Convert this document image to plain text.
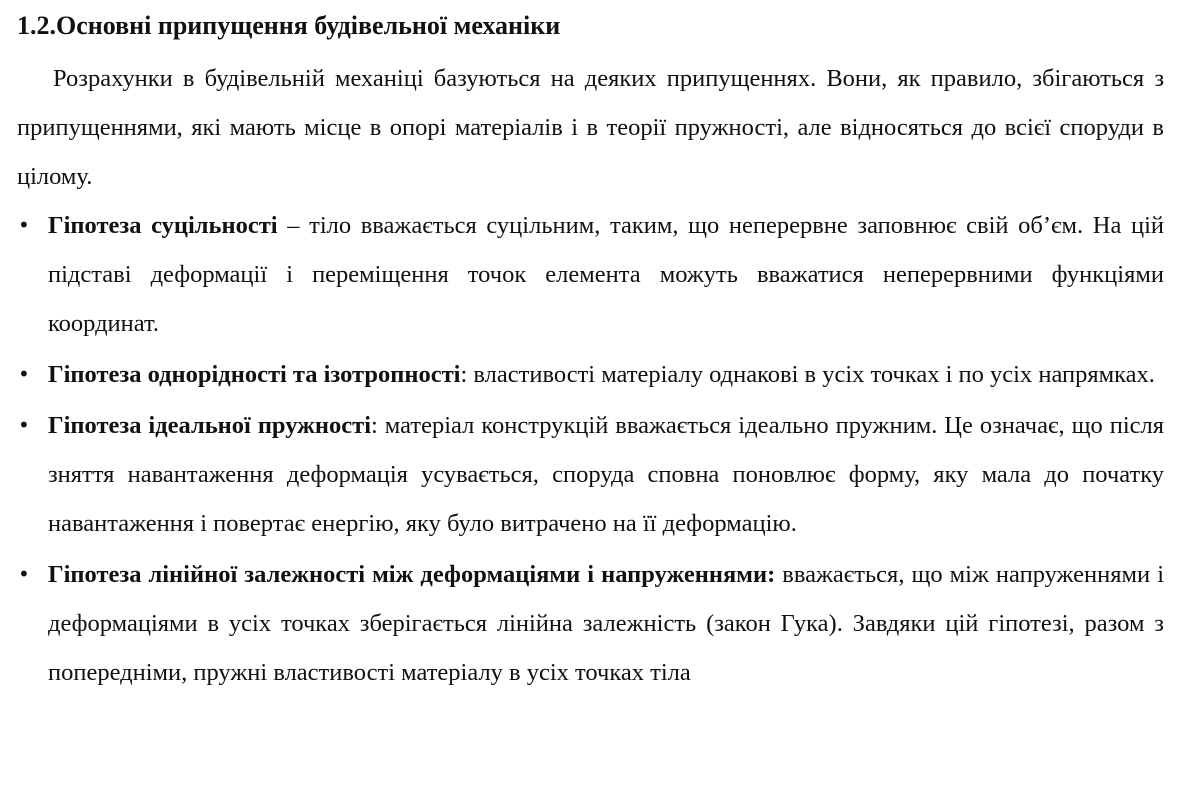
1.2.Основні припущення будівельної механіки

Розрахунки в будівельній механіці базуються на деяких припущеннях. Вони, як правило, збігаються з припущеннями, які мають місце в опорі матеріалів і в теорії пружності, але відносяться до всієї споруди в цілому.

• Гіпотеза суцільності – тіло вважається суцільним, таким, що неперервне заповнює свій об’єм. На цій підставі деформації і переміщення точок елемента можуть вважатися неперервними функціями координат.
• Гіпотеза однорідності та ізотропності: властивості матеріалу однакові в усіх точках і по усіх напрямках.
• Гіпотеза ідеальної пружності: матеріал конструкцій вважається ідеально пружним. Це означає, що після зняття навантаження деформація усувається, споруда сповна поновлює форму, яку мала до початку навантаження і повертає енергію, яку було витрачено на її деформацію.
• Гіпотеза лінійної залежності між деформаціями і напруженнями: вважається, що між напруженнями і деформаціями в усіх точках зберігається лінійна залежність (закон Гука). Завдяки цій гіпотезі, разом з попередніми, пружні властивості матеріалу в усіх точках тіла
